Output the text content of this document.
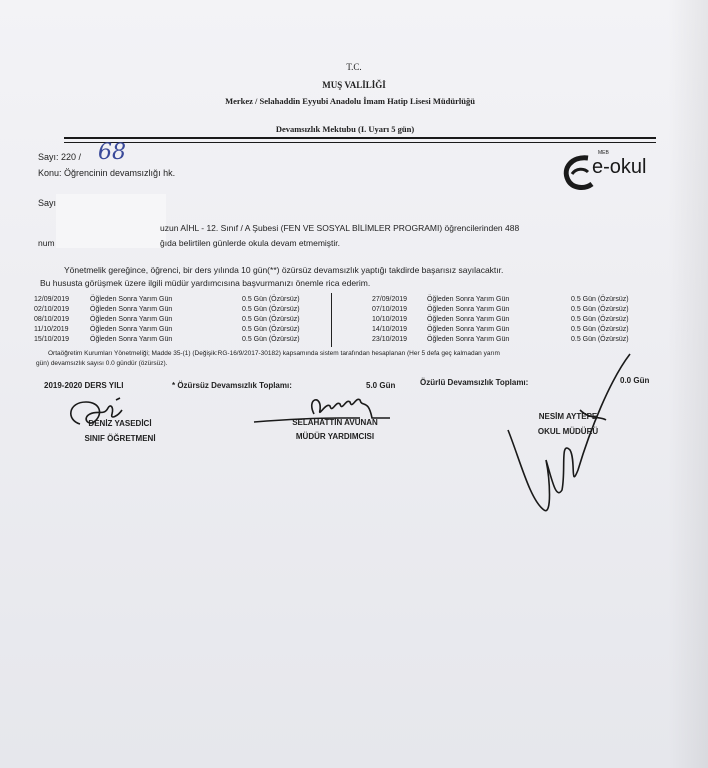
T.C.
MUŞ VALİLİĞİ
Merkez / Selahaddin Eyyubi Anadolu İmam Hatip Lisesi Müdürlüğü
Devamsızlık Mektubu (I. Uyarı 5 gün)
Sayı: 220 / 68
Konu: Öğrencinin devamsızlığı hk.	e-okul
MEB
Sayı
uzun AİHL - 12. Sınıf / A Şubesi (FEN VE SOSYAL BİLİMLER PROGRAMI) öğrencilerinden 488
num	ğıda belirtilen günlerde okula devam etmemiştir.
Yönetmelik gereğince, öğrenci, bir ders yılında 10 gün(**) özürsüz devamsızlık yaptığı takdirde başarısız sayılacaktır.
Bu hususta görüşmek üzere ilgili müdür yardımcısına başvurmanızı önemle rica ederim.
12/09/2019	Öğleden Sonra Yarım Gün	0.5 Gün (Özürsüz)
02/10/2019	Öğleden Sonra Yarım Gün	0.5 Gün (Özürsüz)
08/10/2019	Öğleden Sonra Yarım Gün	0.5 Gün (Özürsüz)
11/10/2019	Öğleden Sonra Yarım Gün	0.5 Gün (Özürsüz)
15/10/2019	Öğleden Sonra Yarım Gün	0.5 Gün (Özürsüz)
27/09/2019	Öğleden Sonra Yarım Gün	0.5 Gün (Özürsüz)
07/10/2019	Öğleden Sonra Yarım Gün	0.5 Gün (Özürsüz)
10/10/2019	Öğleden Sonra Yarım Gün	0.5 Gün (Özürsüz)
14/10/2019	Öğleden Sonra Yarım Gün	0.5 Gün (Özürsüz)
23/10/2019	Öğleden Sonra Yarım Gün	0.5 Gün (Özürsüz)
Ortaöğretim Kurumları Yönetmeliği; Madde 35-(1) (Değişik:RG-16/9/2017-30182) kapsamında sistem tarafından hesaplanan (Her 5 defa geç kalmadan yarım
gün) devamsızlık sayısı 0.0 gündür (özürsüz).
2019-2020 DERS YILI	* Özürsüz Devamsızlık Toplamı:	5.0 Gün	Özürlü Devamsızlık Toplamı:	0.0 Gün
DENİZ YASEDİCİ
SINIF ÖĞRETMENİ
SELAHATTİN AVUNAN
MÜDÜR YARDIMCISI
NESİM AYTEPE
OKUL MÜDÜRÜ
